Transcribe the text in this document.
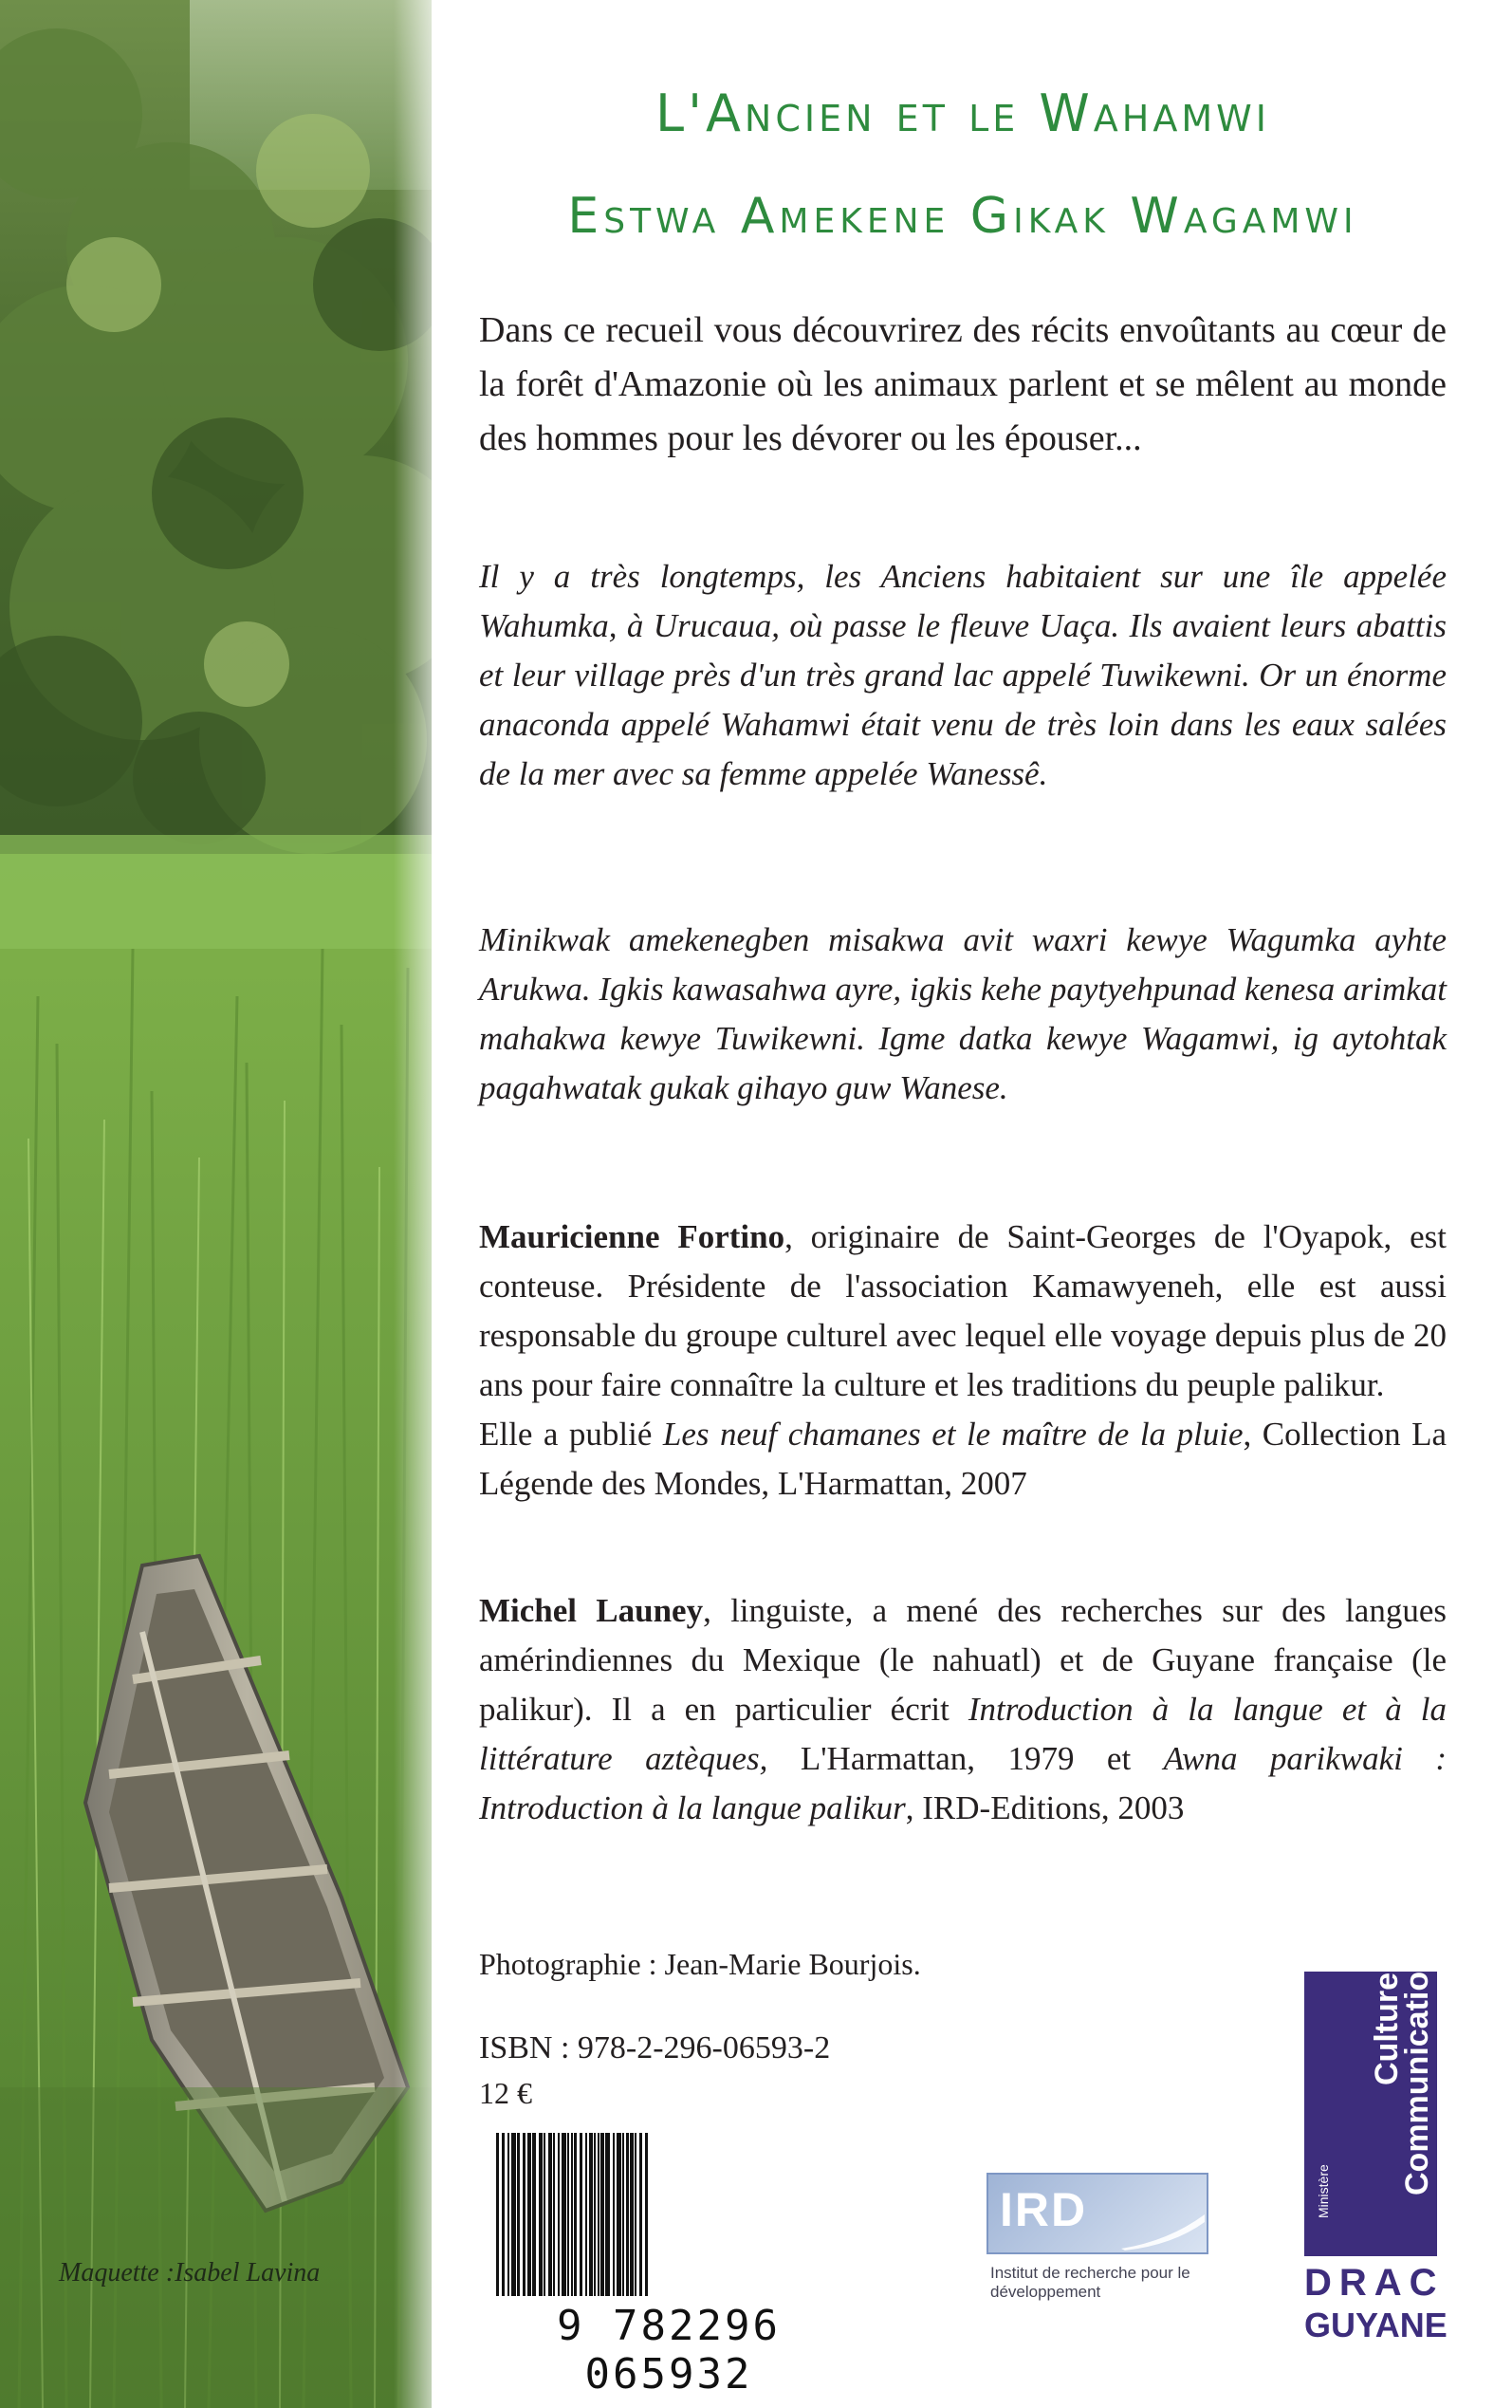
Maquette :Isabel Lavina
L'Ancien et le Wahamwi
Estwa Amekene Gikak Wagamwi

Dans ce recueil vous découvrirez des récits envoûtants au cœur de la forêt d'Amazonie où les animaux parlent et se mêlent au monde des hommes pour les dévorer ou les épouser...

Il y a très longtemps, les Anciens habitaient sur une île appelée Wahumka, à Urucaua, où passe le fleuve Uaça. Ils avaient leurs abattis et leur village près d'un très grand lac appelé Tuwikewni. Or un énorme anaconda appelé Wahamwi était venu de très loin dans les eaux salées de la mer avec sa femme appelée Wanessê.

Minikwak amekenegben misakwa avit waxri kewye Wagumka ayhte Arukwa. Igkis kawasahwa ayre, igkis kehe paytyehpunad kenesa arimkat mahakwa kewye Tuwikewni. Igme datka kewye Wagamwi, ig aytohtak pagahwatak gukak gihayo guw Wanese.

Mauricienne Fortino, originaire de Saint-Georges de l'Oyapok, est conteuse. Présidente de l'association Kamawyeneh, elle est aussi responsable du groupe culturel avec lequel elle voyage depuis plus de 20 ans pour faire connaître la culture et les traditions du peuple palikur.
Elle a publié Les neuf chamanes et le maître de la pluie, Collection La Légende des Mondes, L'Harmattan, 2007

Michel Launey, linguiste, a mené des recherches sur des langues amérindiennes du Mexique (le nahuatl) et de Guyane française (le palikur). Il a en particulier écrit Introduction à la langue et à la littérature aztèques, L'Harmattan, 1979 et Awna parikwaki : Introduction à la langue palikur, IRD-Editions, 2003

Photographie : Jean-Marie Bourjois.
ISBN : 978-2-296-06593-2
12 €
9 782296 065932
IRD
Institut de recherche pour le développement
Ministère
Culture
Communication
DRAC
GUYANE
